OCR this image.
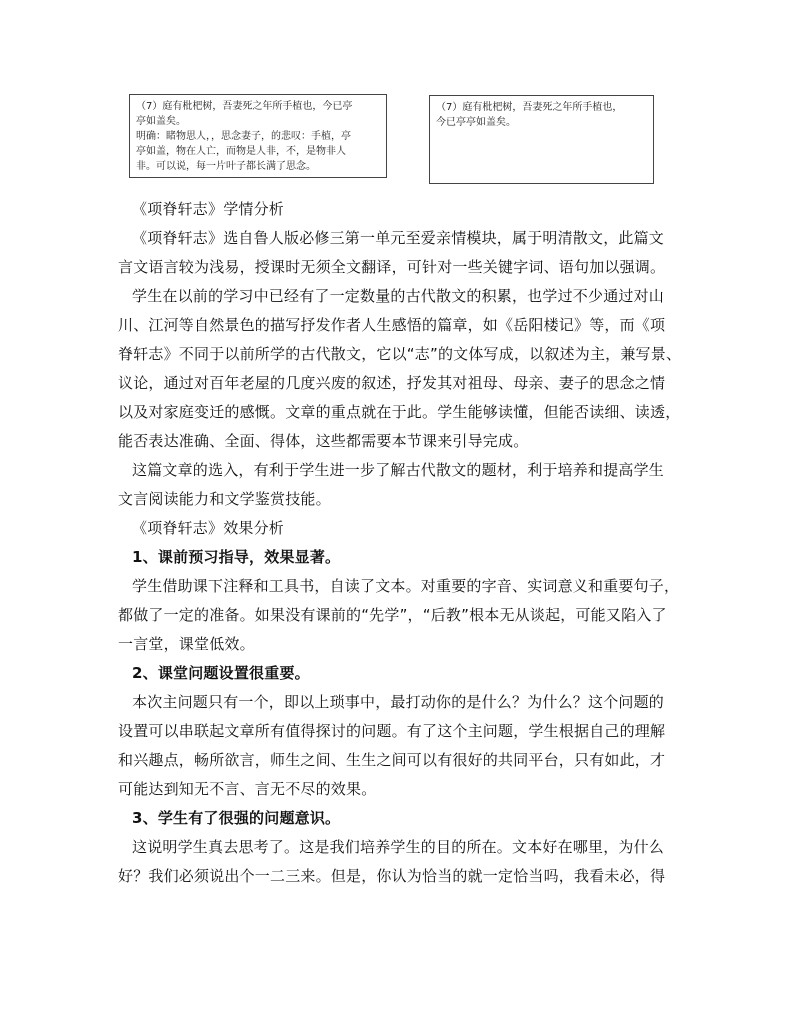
（7）庭有枇杷树，吾妻死之年所手植也，今已亭

亭如盖矣。

明确：睹物思人，，思念妻子，的悲叹：手植，亭

亭如盖，物在人亡，而物是人非，不，是物非人

非。可以说，每一片叶子都长满了思念。

（7）庭有枇杷树，吾妻死之年所手植也，

今已亭亭如盖矣。

《项脊轩志》学情分析

《项脊轩志》选自鲁人版必修三第一单元至爱亲情模块，属于明清散文，此篇文

言文语言较为浅易，授课时无须全文翻译，可针对一些关键字词、语句加以强调。

学生在以前的学习中已经有了一定数量的古代散文的积累，也学过不少通过对山

川、江河等自然景色的描写抒发作者人生感悟的篇章，如《岳阳楼记》等，而《项

脊轩志》不同于以前所学的古代散文，它以“志”的文体写成，以叙述为主，兼写景、

议论，通过对百年老屋的几度兴废的叙述，抒发其对祖母、母亲、妻子的思念之情

以及对家庭变迁的感慨。文章的重点就在于此。学生能够读懂，但能否读细、读透，

能否表达准确、全面、得体，这些都需要本节课来引导完成。

这篇文章的选入，有利于学生进一步了解古代散文的题材，利于培养和提高学生

文言阅读能力和文学鉴赏技能。

《项脊轩志》效果分析

1、课前预习指导，效果显著。

学生借助课下注释和工具书，自读了文本。对重要的字音、实词意义和重要句子，

都做了一定的准备。如果没有课前的“先学”，“后教”根本无从谈起，可能又陷入了

一言堂，课堂低效。

2、课堂问题设置很重要。

本次主问题只有一个，即以上琐事中，最打动你的是什么？为什么？这个问题的

设置可以串联起文章所有值得探讨的问题。有了这个主问题，学生根据自己的理解

和兴趣点，畅所欲言，师生之间、生生之间可以有很好的共同平台，只有如此，才

可能达到知无不言、言无不尽的效果。

3、学生有了很强的问题意识。

这说明学生真去思考了。这是我们培养学生的目的所在。文本好在哪里，为什么

好？我们必须说出个一二三来。但是，你认为恰当的就一定恰当吗，我看未必，得
